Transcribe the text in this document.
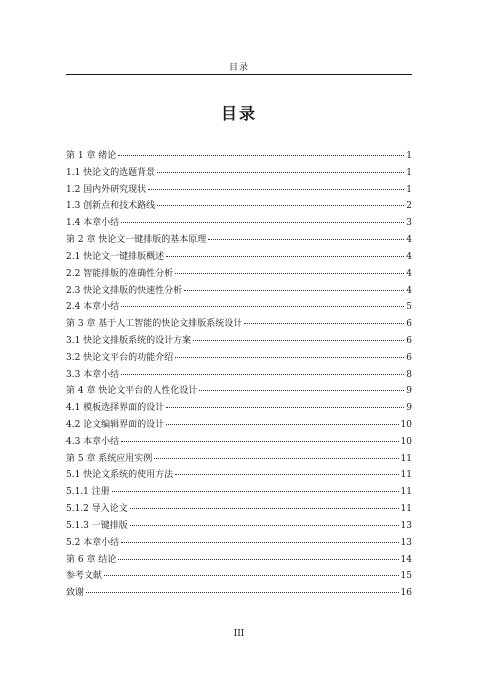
目录
目录
第 1 章 绪论	1
1.1 快论文的选题背景	1
1.2 国内外研究现状	1
1.3 创新点和技术路线	2
1.4 本章小结	3
第 2 章 快论文一键排版的基本原理	4
2.1 快论文一键排版概述	4
2.2 智能排版的准确性分析	4
2.3 快论文排版的快速性分析	4
2.4 本章小结	5
第 3 章 基于人工智能的快论文排版系统设计	6
3.1 快论文排版系统的设计方案	6
3.2 快论文平台的功能介绍	6
3.3 本章小结	8
第 4 章 快论文平台的人性化设计	9
4.1 模板选择界面的设计	9
4.2 论文编辑界面的设计	10
4.3 本章小结	10
第 5 章 系统应用实例	11
5.1 快论文系统的使用方法	11
5.1.1 注册	11
5.1.2 导入论文	11
5.1.3 一键排版	13
5.2 本章小结	13
第 6 章 结论	14
参考文献	15
致谢	16
III
